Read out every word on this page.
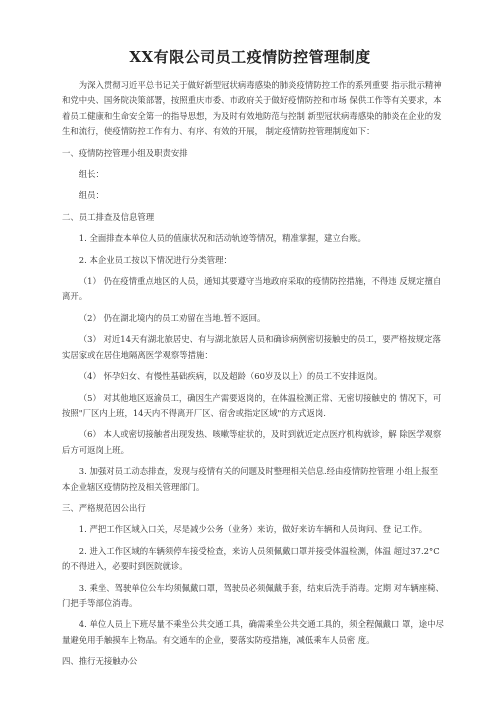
XX有限公司员工疫情防控管理制度

为深入贯彻习近平总书记关于做好新型冠状病毒感染的肺炎疫情防控工作的系列重要 指示批示精神和党中央、国务院决策部署，按照重庆市委、市政府关于做好疫情防控和市场 保供工作等有关要求，本着员工健康和生命安全第一的指导思想，为及时有效地防范与控制 新型冠状病毒感染的肺炎在企业的发生和流行，使疫情防控工作有力、有序、有效的开展， 制定疫情防控管理制度如下：

一、疫情防控管理小组及职责安排

组长：

组员：

二、员工排查及信息管理

1. 全面排查本单位人员的值康状况和活动轨迹等情况，精准掌握，建立台账。

2. 本企业员工按以下情况进行分类管理：

（1） 仍在疫情重点地区的人员，通知其要遵守当地政府采取的疫情防控措施，不得违 反规定擅自离开。

（2） 仍在湖北境内的员工劝留在当地.暂不返回。

（3） 对近14天有湖北旅居史、有与湖北旅居人员和确诊病例密切接触史的员工，要严格按规定落实居家或在居住地隔离医学观察等措施：

（4） 怀孕妇女、有慢性基础疾病，以及超龄（60岁及以上）的员工不安排返岗。

（5） 对其他地区返渝员工，确因生产需要返岗的，在体温检测正常、无密切接触史的 情况下，可按照"厂区内上班，14天内不得离开厂区、宿舍或指定区域"的方式返岗.

（6） 本人或密切接触者出现发热、咳嗽等症状的，及时到就近定点医疗机构就诊，解 除医学观察后方可返岗上班。

3. 加强对员工动态排查，发现与疫情有关的问题及时整理相关信息.经由疫情防控管理 小组上报至本企业辖区疫情防控及相关管理部门。

三、严格规范因公出行

1. 严把工作区域入口关，尽是减少公务（业务）来访，做好来访车辆和人员询问、登 记工作。

2. 进入工作区域的车辆须停车接受检查，来访人员须佩戴口罩并接受体温检测，体温 超过37.2°C的不得进入，必要时到医院就诊。

3. 乘坐、驾驶单位公车均须佩戴口罩，驾驶员必须佩戴手套，结束后洗手消毒。定期 对车辆座椅、门把手等部位消毒。

4. 单位人员上下班尽量不乘坐公共交通工具，确需乘坐公共交通工具的，须全程佩戴口 罩，途中尽量避免用手触摸车上物品。有交通车的企业，要落实防疫措施，减低乘车人员密 度。

四、推行无接触办公
